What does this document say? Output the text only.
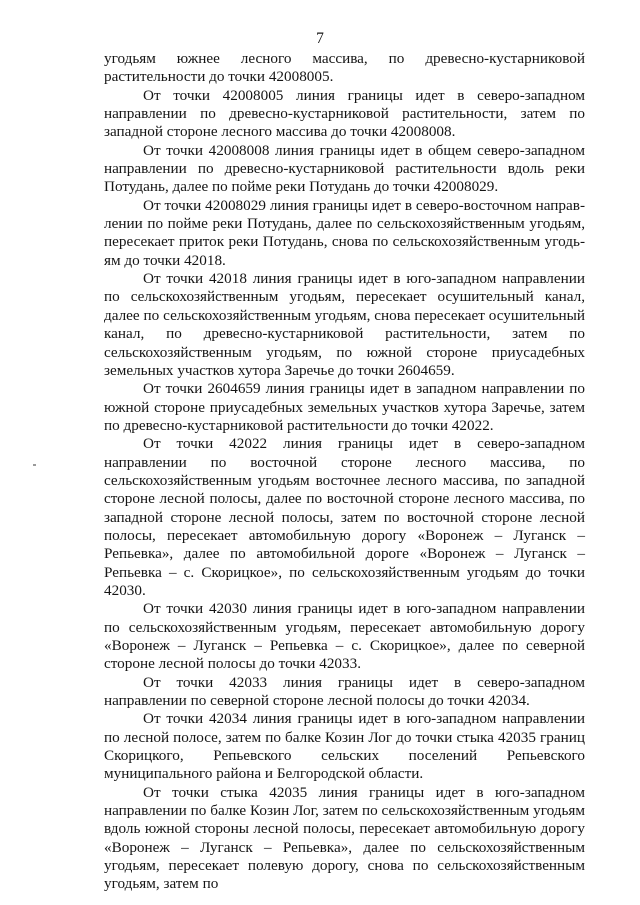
7

угодьям южнее лесного массива, по древесно-кустарниковой растительности до точки 42008005.

От точки 42008005 линия границы идет в северо-западном направлении по древесно-кустарниковой растительности, затем по западной стороне лесного массива до точки 42008008.

От точки 42008008 линия границы идет в общем северо-западном направлении по древесно-кустарниковой растительности вдоль реки Потудань, далее по пойме реки Потудань до точки 42008029.

От точки 42008029 линия границы идет в северо-восточном направлении по пойме реки Потудань, далее по сельскохозяйственным угодьям, пересекает приток реки Потудань, снова по сельскохозяйственным угодьям до точки 42018.

От точки 42018 линия границы идет в юго-западном направлении по сельскохозяйственным угодьям, пересекает осушительный канал, далее по сельскохозяйственным угодьям, снова пересекает осушительный канал, по древесно-кустарниковой растительности, затем по сельскохозяйственным угодьям, по южной стороне приусадебных земельных участков хутора Заречье до точки 2604659.

От точки 2604659 линия границы идет в западном направлении по южной стороне приусадебных земельных участков хутора Заречье, затем по древесно-кустарниковой растительности до точки 42022.

От точки 42022 линия границы идет в северо-западном направлении по восточной стороне лесного массива, по сельскохозяйственным угодьям восточнее лесного массива, по западной стороне лесной полосы, далее по восточной стороне лесного массива, по западной стороне лесной полосы, затем по восточной стороне лесной полосы, пересекает автомобильную дорогу «Воронеж – Луганск – Репьевка», далее по автомобильной дороге «Воронеж – Луганск – Репьевка – с. Скорицкое», по сельскохозяйственным угодьям до точки 42030.

От точки 42030 линия границы идет в юго-западном направлении по сельскохозяйственным угодьям, пересекает автомобильную дорогу «Воронеж – Луганск – Репьевка – с. Скорицкое», далее по северной стороне лесной полосы до точки 42033.

От точки 42033 линия границы идет в северо-западном направлении по северной стороне лесной полосы до точки 42034.

От точки 42034 линия границы идет в юго-западном направлении по лесной полосе, затем по балке Козин Лог до точки стыка 42035 границ Скорицкого, Репьевского сельских поселений Репьевского муниципального района и Белгородской области.

От точки стыка 42035 линия границы идет в юго-западном направлении по балке Козин Лог, затем по сельскохозяйственным угодьям вдоль южной стороны лесной полосы, пересекает автомобильную дорогу «Воронеж – Луганск – Репьевка», далее по сельскохозяйственным угодьям, пересекает полевую дорогу, снова по сельскохозяйственным угодьям, затем по
